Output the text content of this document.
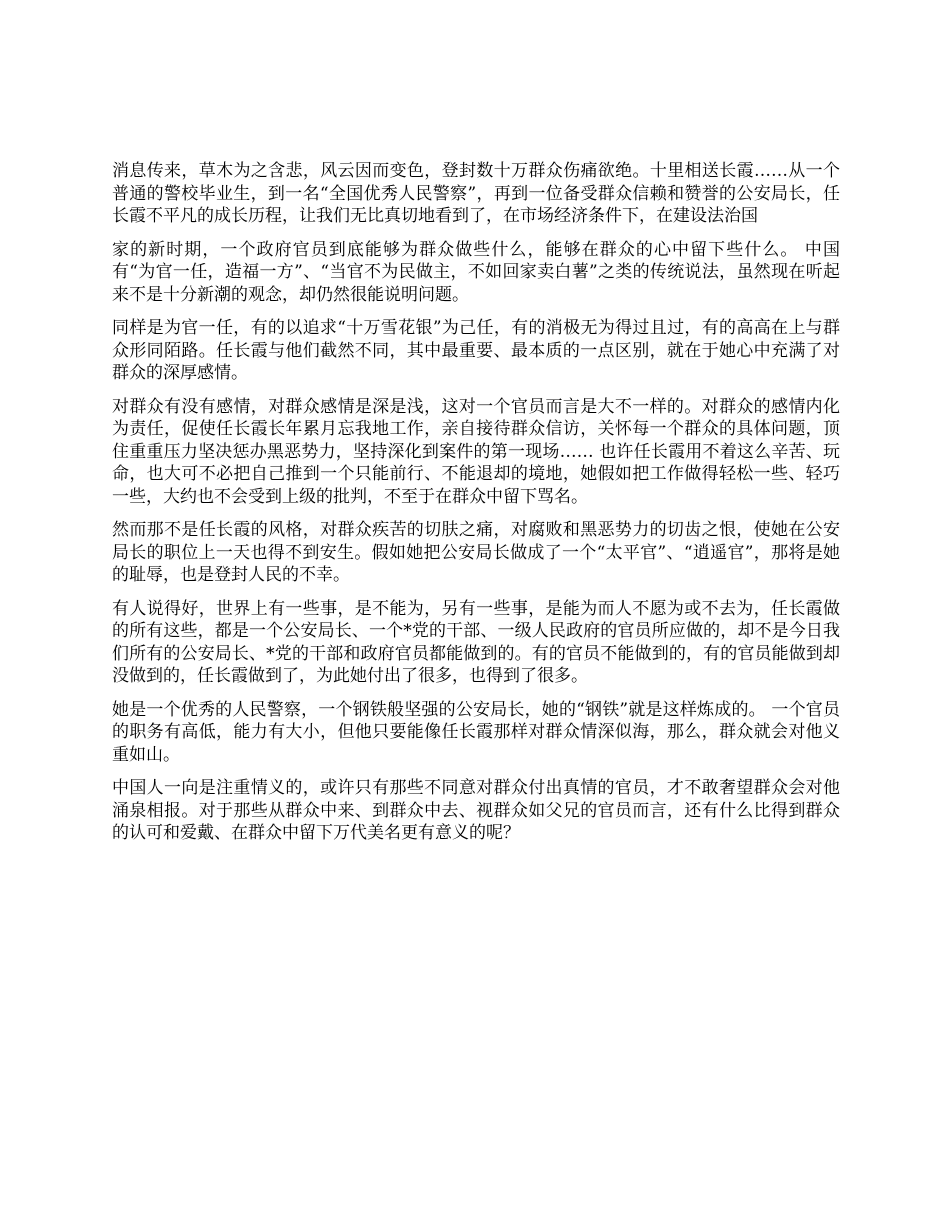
消息传来，草木为之含悲，风云因而变色，登封数十万群众伤痛欲绝。十里相送长霞……从一个普通的警校毕业生，到一名“全国优秀人民警察”，再到一位备受群众信赖和赞誉的公安局长，任长霞不平凡的成长历程，让我们无比真切地看到了，在市场经济条件下，在建设法治国

家的新时期，一个政府官员到底能够为群众做些什么，能够在群众的心中留下些什么。 中国有“为官一任，造福一方”、“当官不为民做主，不如回家卖白薯”之类的传统说法，虽然现在听起来不是十分新潮的观念，却仍然很能说明问题。

同样是为官一任，有的以追求“十万雪花银”为己任，有的消极无为得过且过，有的高高在上与群众形同陌路。任长霞与他们截然不同，其中最重要、最本质的一点区别，就在于她心中充满了对群众的深厚感情。

对群众有没有感情，对群众感情是深是浅，这对一个官员而言是大不一样的。对群众的感情内化为责任，促使任长霞长年累月忘我地工作，亲自接待群众信访，关怀每一个群众的具体问题，顶住重重压力坚决惩办黑恶势力，坚持深化到案件的第一现场…… 也许任长霞用不着这么辛苦、玩命，也大可不必把自己推到一个只能前行、不能退却的境地，她假如把工作做得轻松一些、轻巧一些，大约也不会受到上级的批判，不至于在群众中留下骂名。

然而那不是任长霞的风格，对群众疾苦的切肤之痛，对腐败和黑恶势力的切齿之恨，使她在公安局长的职位上一天也得不到安生。假如她把公安局长做成了一个“太平官”、“逍遥官”，那将是她的耻辱，也是登封人民的不幸。

有人说得好，世界上有一些事，是不能为，另有一些事，是能为而人不愿为或不去为，任长霞做的所有这些，都是一个公安局长、一个*党的干部、一级人民政府的官员所应做的，却不是今日我们所有的公安局长、*党的干部和政府官员都能做到的。有的官员不能做到的，有的官员能做到却没做到的，任长霞做到了，为此她付出了很多，也得到了很多。

她是一个优秀的人民警察，一个钢铁般坚强的公安局长，她的“钢铁”就是这样炼成的。 一个官员的职务有高低，能力有大小，但他只要能像任长霞那样对群众情深似海，那么，群众就会对他义重如山。

中国人一向是注重情义的，或许只有那些不同意对群众付出真情的官员，才不敢奢望群众会对他涌泉相报。对于那些从群众中来、到群众中去、视群众如父兄的官员而言，还有什么比得到群众的认可和爱戴、在群众中留下万代美名更有意义的呢？
